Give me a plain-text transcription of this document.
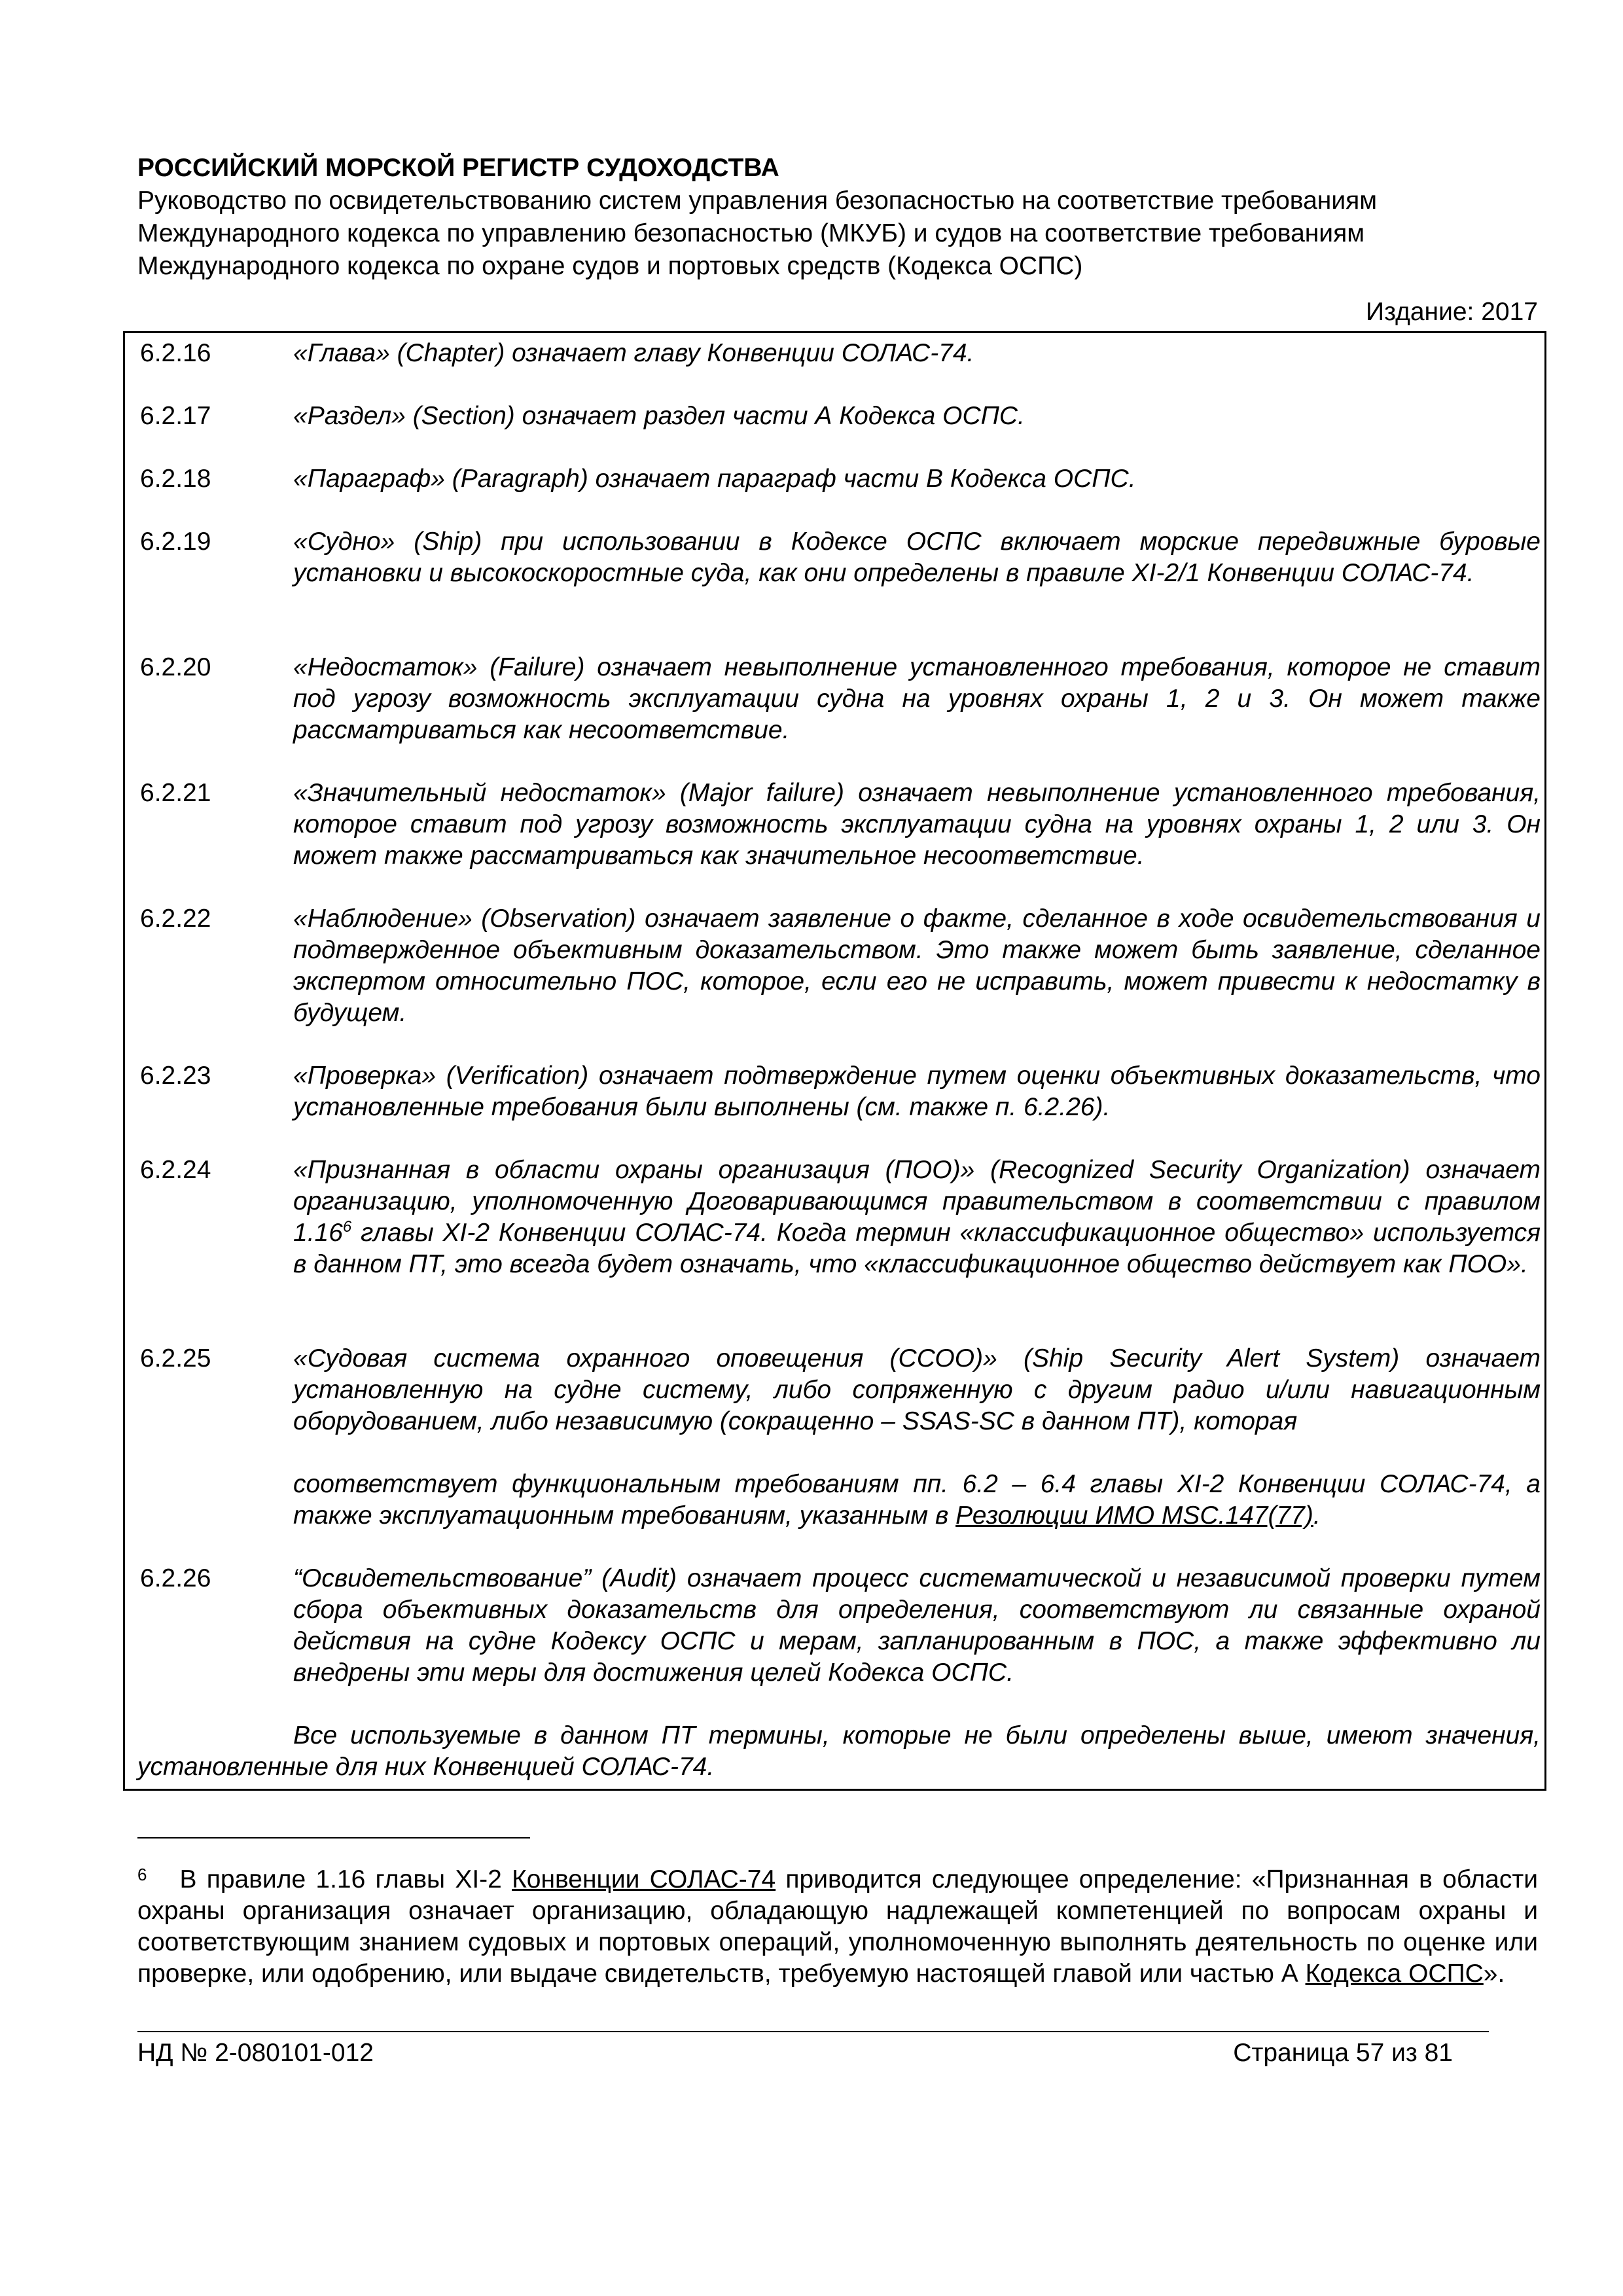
РОССИЙСКИЙ МОРСКОЙ РЕГИСТР СУДОХОДСТВА
Руководство по освидетельствованию систем управления безопасностью на соответствие требованиям
Международного кодекса по управлению безопасностью (МКУБ) и судов на соответствие требованиям
Международного кодекса по охране судов и портовых средств (Кодекса ОСПС)
Издание: 2017
6.2.16	«Глава» (Chapter) означает главу Конвенции СОЛАС-74.
6.2.17	«Раздел» (Section) означает раздел части А Кодекса ОСПС.
6.2.18	«Параграф» (Paragraph) означает параграф части В Кодекса ОСПС.
6.2.19	«Судно» (Ship) при использовании в Кодексе ОСПС включает морские передвижные буровые установки и высокоскоростные суда, как они определены в правиле XI-2/1 Конвенции СОЛАС-74.
6.2.20	«Недостаток» (Failure) означает невыполнение установленного требования, которое не ставит под угрозу возможность эксплуатации судна на уровнях охраны 1, 2 и 3. Он может также рассматриваться как несоответствие.
6.2.21	«Значительный недостаток» (Major failure) означает невыполнение установленного требования, которое ставит под угрозу возможность эксплуатации судна на уровнях охраны 1, 2 или 3. Он может также рассматриваться как значительное несоответствие.
6.2.22	«Наблюдение» (Observation) означает заявление о факте, сделанное в ходе освидетельствования и подтвержденное объективным доказательством. Это также может быть заявление, сделанное экспертом относительно ПОС, которое, если его не исправить, может привести к недостатку в будущем.
6.2.23	«Проверка» (Verification) означает подтверждение путем оценки объективных доказательств, что установленные требования были выполнены (см. также п. 6.2.26).
6.2.24	«Признанная в области охраны организация (ПОО)» (Recognized Security Organization) означает организацию, уполномоченную Договаривающимся правительством в соответствии с правилом 1.16$^6$ главы XI-2 Конвенции СОЛАС-74. Когда термин «классификационное общество» используется в данном ПТ, это всегда будет означать, что «классификационное общество действует как ПОО».
6.2.25	«Судовая система охранного оповещения (ССОО)» (Ship Security Alert System) означает установленную на судне систему, либо сопряженную с другим радио и/или навигационным оборудованием, либо независимую (сокращенно – SSAS-SC в данном ПТ), которая
соответствует функциональным требованиям пп. 6.2 – 6.4 главы XI-2 Конвенции СОЛАС-74, а также эксплуатационным требованиям, указанным в Резолюции ИМО MSC.147(77).
6.2.26	“Освидетельствование” (Audit) означает процесс систематической и независимой проверки путем сбора объективных доказательств для определения, соответствуют ли связанные охраной действия на судне Кодексу ОСПС и мерам, запланированным в ПОС, а также эффективно ли внедрены эти меры для достижения целей Кодекса ОСПС.
Все используемые в данном ПТ термины, которые не были определены выше, имеют значения, установленные для них Конвенцией СОЛАС-74.
$^6$ В правиле 1.16 главы XI-2 Конвенции СОЛАС-74 приводится следующее определение: «Признанная в области охраны организация означает организацию, обладающую надлежащей компетенцией по вопросам охраны и соответствующим знанием судовых и портовых операций, уполномоченную выполнять деятельность по оценке или проверке, или одобрению, или выдаче свидетельств, требуемую настоящей главой или частью А Кодекса ОСПС».
НД № 2-080101-012	Страница 57 из 81
